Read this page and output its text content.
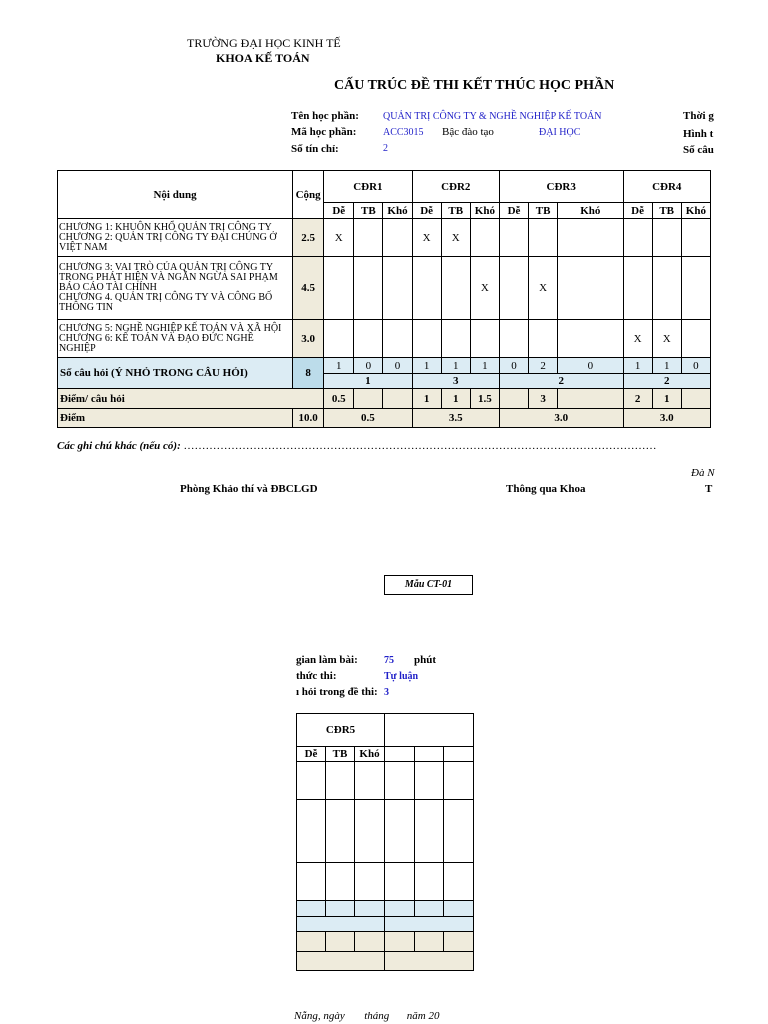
TRƯỜNG ĐẠI HỌC KINH TẾ
KHOA KẾ TOÁN
CẤU TRÚC ĐỀ THI KẾT THÚC HỌC PHẦN
Tên học phần: QUẢN TRỊ CÔNG TY & NGHỀ NGHIỆP KẾ TOÁN	Thời g
Mã học phần:	ACC3015 Bậc đào tạo	ĐẠI HỌC	Hình t
Số tín chỉ:	2	Số câu
Nội dung	Cộng	CĐR1			CĐR2			CĐR3			CĐR4		
		Dễ	TB	Khó	Dễ	TB	Khó	Dễ	TB	Khó	Dễ	TB	Khó
CHƯƠNG 1: KHUÔN KHỔ QUẢN TRỊ CÔNG TY
CHƯƠNG 2: QUẢN TRỊ CÔNG TY ĐẠI CHÚNG Ở VIỆT NAM	2.5	X			X	X							
CHƯƠNG 3: VAI TRÒ CỦA QUẢN TRỊ CÔNG TY TRONG PHÁT HIỆN VÀ NGĂN NGỪA SAI PHẠM BÁO CÁO TÀI CHÍNH
CHƯƠNG 4. QUẢN TRỊ CÔNG TY VÀ CÔNG BỐ THÔNG TIN	4.5						X		X				
CHƯƠNG 5: NGHỀ NGHIỆP KẾ TOÁN VÀ XÃ HỘI
CHƯƠNG 6: KẾ TOÁN VÀ ĐẠO ĐỨC NGHỀ NGHIỆP	3.0										X	X	
Số câu hỏi (Ý NHỎ TRONG CÂU HỎI)	8	1	0	0	1	1	1	0	2	0	1	1	0
		1			3			2			2		
Điểm/ câu hỏi		0.5			1	1	1.5		3		2	1	
Điểm	10.0	0.5			3.5			3.0			3.0		
Các ghi chú khác (nếu có): …………………………………………………………………………………………………………………
Đà N
Phòng Khảo thí và ĐBCLGD	Thông qua Khoa	T
Mẫu CT-01
gian làm bài:	75 phút
thức thi:	Tự luận
ı hỏi trong đề thi: 3
CĐR5					
Dễ	TB	Khó			

Nẵng, ngày tháng năm 20
